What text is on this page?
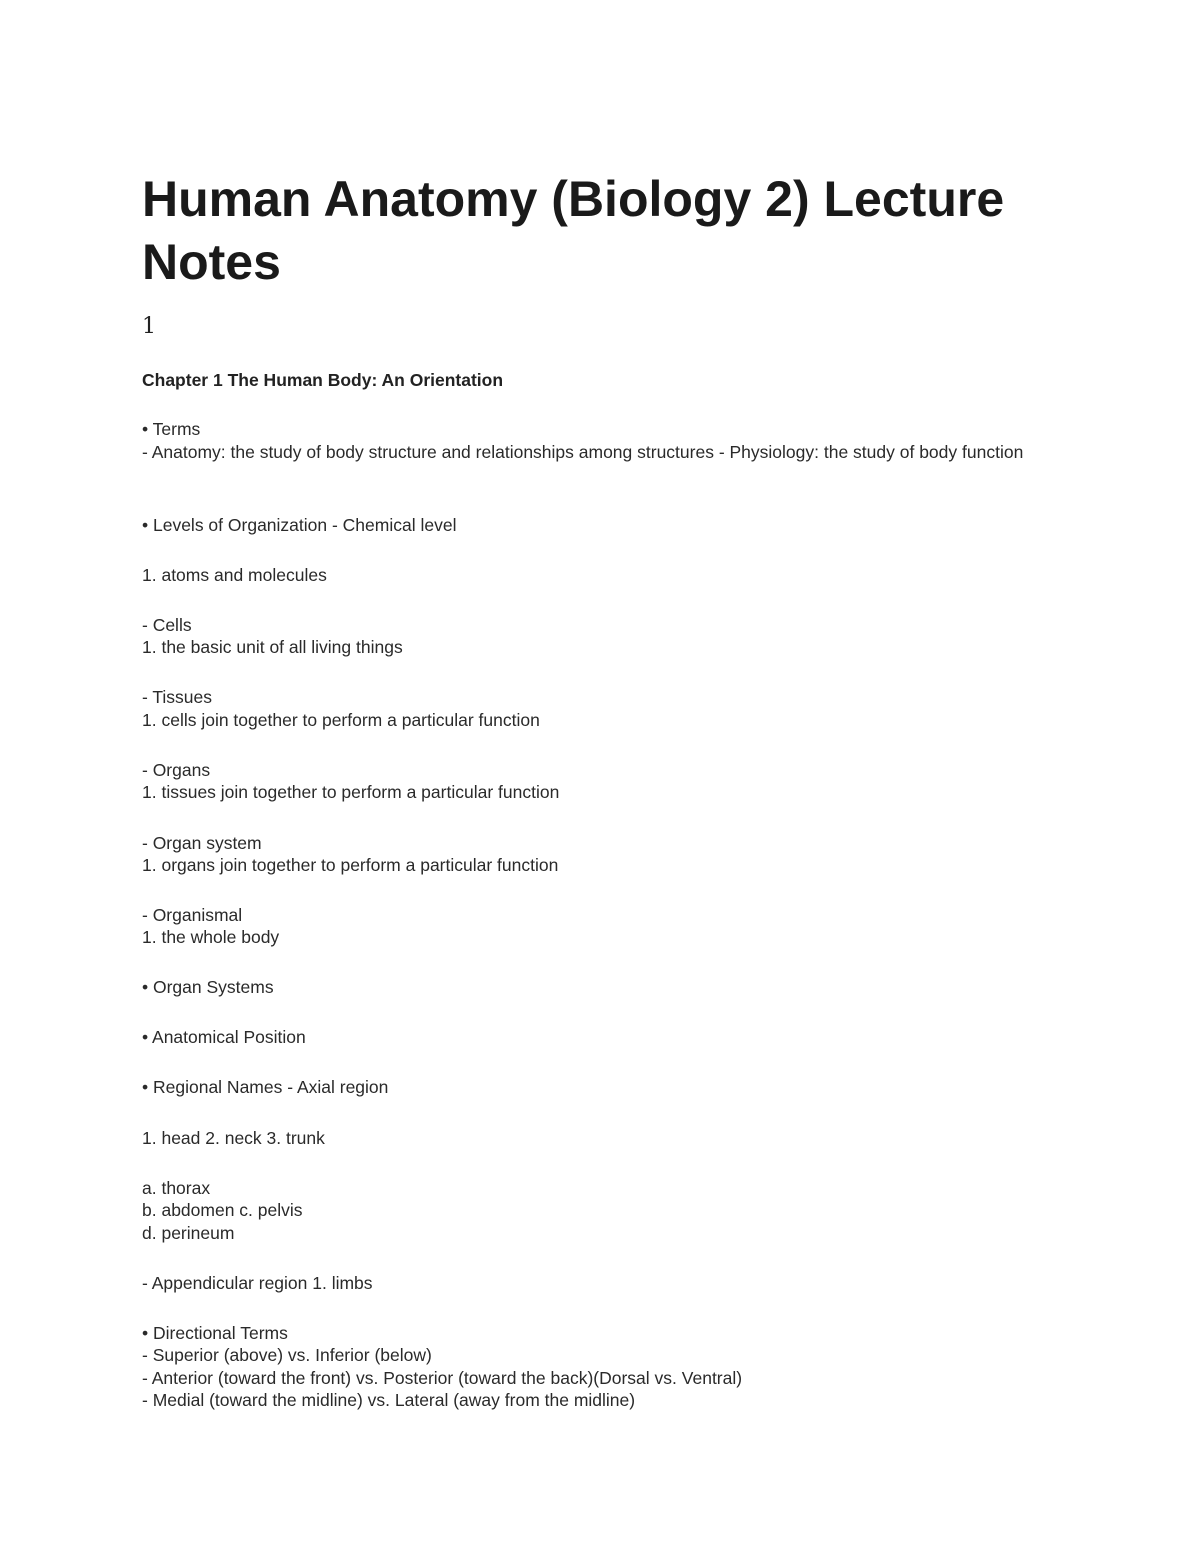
Human Anatomy (Biology 2) Lecture Notes
1
Chapter 1 The Human Body: An Orientation
• Terms
- Anatomy: the study of body structure and relationships among structures - Physiology: the study of body function
• Levels of Organization - Chemical level
1. atoms and molecules
- Cells
1. the basic unit of all living things
- Tissues
1. cells join together to perform a particular function
- Organs
1. tissues join together to perform a particular function
- Organ system
1. organs join together to perform a particular function
- Organismal
1. the whole body
• Organ Systems
• Anatomical Position
• Regional Names - Axial region
1. head 2. neck 3. trunk
a. thorax
b. abdomen c. pelvis
d. perineum
- Appendicular region 1. limbs
• Directional Terms
- Superior (above) vs. Inferior (below)
- Anterior (toward the front) vs. Posterior (toward the back)(Dorsal vs. Ventral)
- Medial (toward the midline) vs. Lateral (away from the midline)
